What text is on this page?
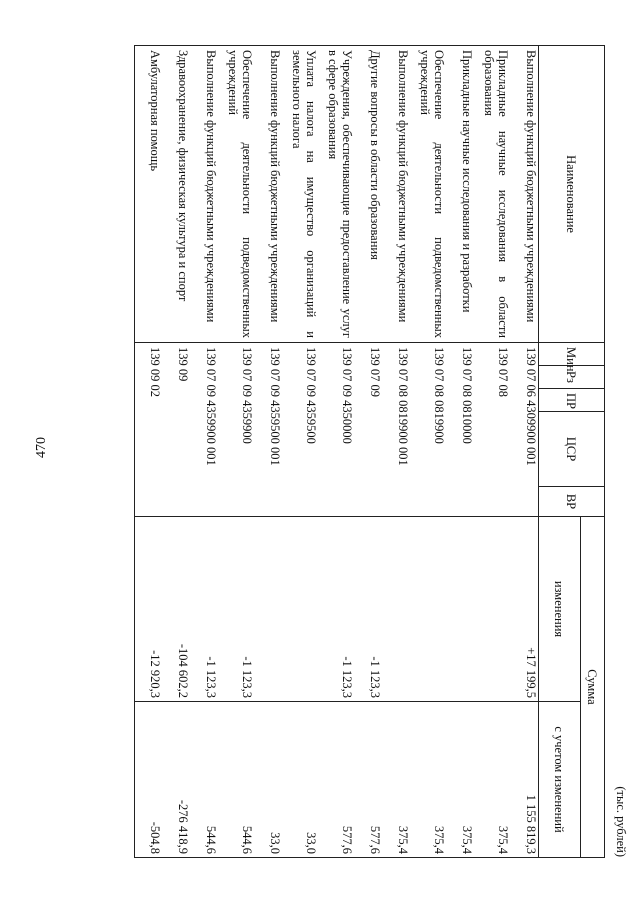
470
(тыс. рублей)
Наименование	Мин	Рз	ПР	ЦСР	ВР	Сумма	
						изменения	с учетом изменений
Выполнение функций бюджетными учреждениями	139 07 06 4309900 001					+17 199,5	1 155 819,3
Прикладные научные исследования в области образования	139 07 08						375,4
Прикладные научные исследования и разработки	139 07 08 0810000						375,4
Обеспечение деятельности подведомственных учреждений	139 07 08 0819900						375,4
Выполнение функций бюджетными учреждениями	139 07 08 0819900 001						375,4
Другие вопросы в области образования	139 07 09					-1 123,3	577,6
Учреждения, обеспечивающие предоставление услуг в сфере образования	139 07 09 4350000					-1 123,3	577,6
Уплата налога на имущество организаций и земельного налога	139 07 09 4359500						33,0
Выполнение функций бюджетными учреждениями	139 07 09 4359500 001						33,0
Обеспечение деятельности подведомственных учреждений	139 07 09 4359900					-1 123,3	544,6
Выполнение функций бюджетными учреждениями	139 07 09 4359900 001					-1 123,3	544,6
Здравоохранение, физическая культура и спорт	139 09					-104 602,2	-276 418,9
Амбулаторная помощь	139 09 02					-12 920,3	-504,8
